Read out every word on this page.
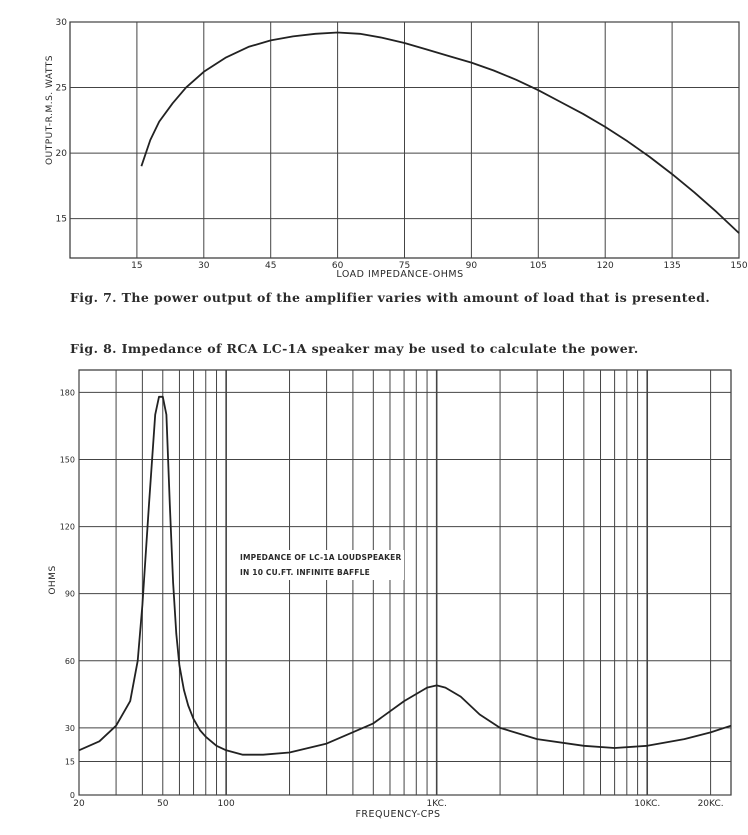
15	30	45	60	75	90	105	120	135	150
15
20
25
30
LOAD IMPEDANCE-OHMS
OUTPUT-R.M.S. WATTS
Fig. 7. The power output of the amplifier varies with amount of load that is presented.
Fig. 8. Impedance of RCA LC-1A speaker may be used to calculate the power.
20	50	100	1KC.	10KC.	20KC.
0
15
30
60
90
120
150
180
FREQUENCY-CPS
OHMS
IMPEDANCE OF LC-1A LOUDSPEAKER
IN 10 CU.FT. INFINITE BAFFLE
